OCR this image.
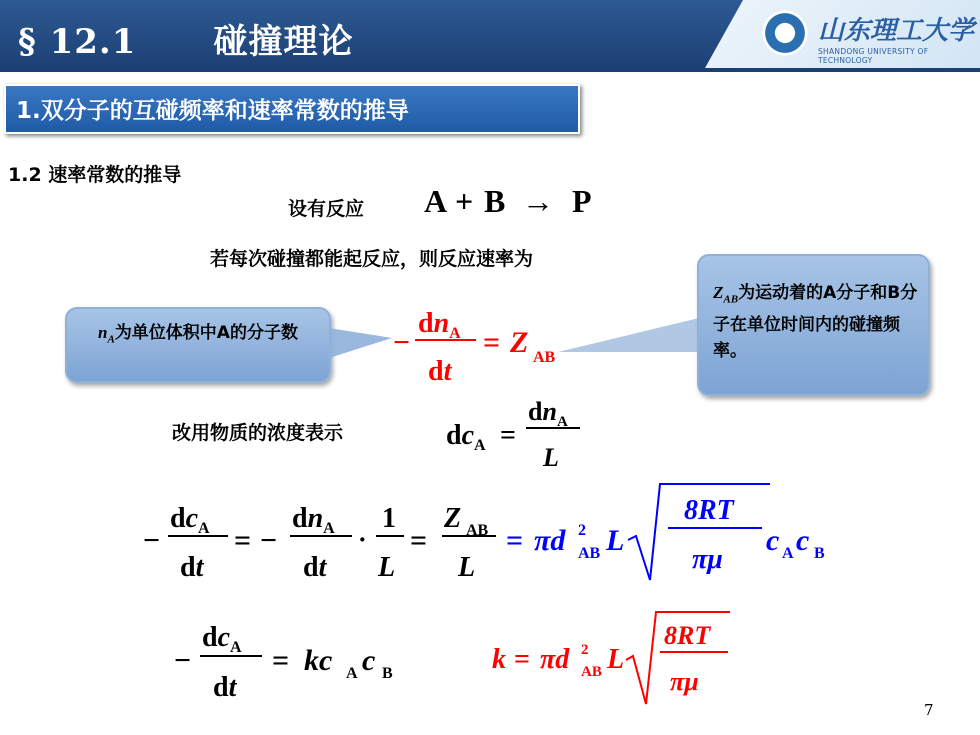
§ 12.1      碰撞理论	山东理工大学
SHANDONG UNIVERSITY OF TECHNOLOGY
1.双分子的互碰频率和速率常数的推导
1.2 速率常数的推导
设有反应
若每次碰撞都能起反应，则反应速率为
改用物质的浓度表示
$n_A$为单位体积中A的分子数
$Z_{AB}$为运动着的A分子和B分子在单位时间内的碰撞频率。
A + B → P
−
$dn_A$
dt
= Z AB
$dc_A$ =
$dn_A$
L
−
$dc_A$
dt
= −
$dn_A$
dt
·
1
L
=
Z AB
L
= πd 2
AB L
8RT
πμ
c A c B
−
$dc_A$
dt
= kc A c B	k = πd 2
AB L
8RT
πμ
7
